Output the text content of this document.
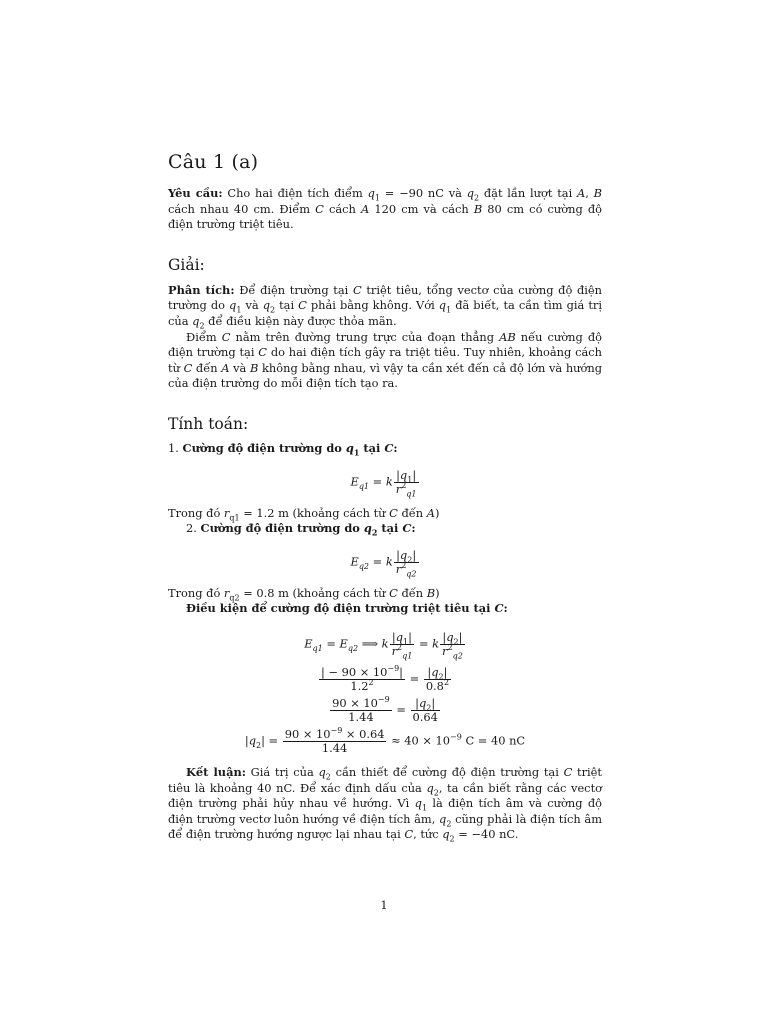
Câu 1 (a)

Yêu cầu: Cho hai điện tích điểm $q_1 = -90$ nC và $q_2$ đặt lần lượt tại A, B cách nhau 40 cm. Điểm C cách A 120 cm và cách B 80 cm có cường độ điện trường triệt tiêu.

Giải:

Phân tích: Để điện trường tại C triệt tiêu, tổng vectơ của cường độ điện trường do $q_1$ và $q_2$ tại C phải bằng không. Với $q_1$ đã biết, ta cần tìm giá trị của $q_2$ để điều kiện này được thỏa mãn.

Điểm C nằm trên đường trung trực của đoạn thẳng AB nếu cường độ điện trường tại C do hai điện tích gây ra triệt tiêu. Tuy nhiên, khoảng cách từ C đến A và B không bằng nhau, vì vậy ta cần xét đến cả độ lớn và hướng của điện trường do mỗi điện tích tạo ra.

Tính toán:

1. Cường độ điện trường do $q_1$ tại C:

$E_{q1} = k \frac{|q_1|}{r^2_{q1}}$

Trong đó $r_{q1} = 1.2$ m (khoảng cách từ C đến A)

2. Cường độ điện trường do $q_2$ tại C:

$E_{q2} = k \frac{|q_2|}{r^2_{q2}}$

Trong đó $r_{q2} = 0.8$ m (khoảng cách từ C đến B)

Điều kiện để cường độ điện trường triệt tiêu tại C:

$E_{q1} = E_{q2}$ ⟹ k $\frac{|q_1|}{r^2_{q1}} = k \frac{|q_2|}{r^2_{q2}}$
$\frac{| - 90 \times 10^{-9}|}{1.2^2} = \frac{|q_2|}{0.8^2}$
$\frac{90 \times 10^{-9}}{1.44} = \frac{|q_2|}{0.64}$
$|q_2| = \frac{90 \times 10^{-9} \times 0.64}{1.44} \approx 40 \times 10^{-9}$ C = 40 nC

Kết luận: Giá trị của $q_2$ cần thiết để cường độ điện trường tại C triệt tiêu là khoảng 40 nC. Để xác định dấu của $q_2$, ta cần biết rằng các vectơ điện trường phải hủy nhau về hướng. Vì $q_1$ là điện tích âm và cường độ điện trường vectơ luôn hướng về điện tích âm, $q_2$ cũng phải là điện tích âm để điện trường hướng ngược lại nhau tại C, tức $q_2 = -40$ nC.

1
